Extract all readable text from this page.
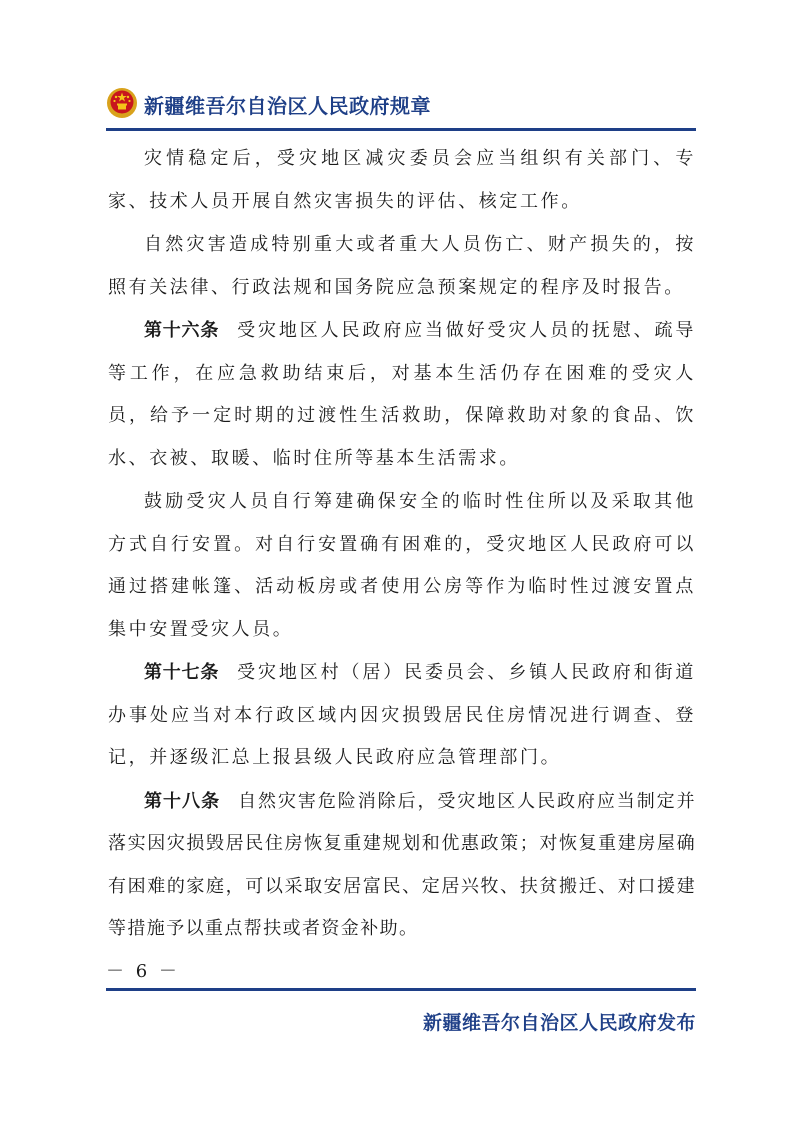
新疆维吾尔自治区人民政府规章

灾情稳定后，受灾地区减灾委员会应当组织有关部门、专家、技术人员开展自然灾害损失的评估、核定工作。

自然灾害造成特别重大或者重大人员伤亡、财产损失的，按照有关法律、行政法规和国务院应急预案规定的程序及时报告。

第十六条 受灾地区人民政府应当做好受灾人员的抚慰、疏导等工作，在应急救助结束后，对基本生活仍存在困难的受灾人员，给予一定时期的过渡性生活救助，保障救助对象的食品、饮水、衣被、取暖、临时住所等基本生活需求。

鼓励受灾人员自行筹建确保安全的临时性住所以及采取其他方式自行安置。对自行安置确有困难的，受灾地区人民政府可以通过搭建帐篷、活动板房或者使用公房等作为临时性过渡安置点集中安置受灾人员。

第十七条 受灾地区村（居）民委员会、乡镇人民政府和街道办事处应当对本行政区域内因灾损毁居民住房情况进行调查、登记，并逐级汇总上报县级人民政府应急管理部门。

第十八条 自然灾害危险消除后，受灾地区人民政府应当制定并落实因灾损毁居民住房恢复重建规划和优惠政策；对恢复重建房屋确有困难的家庭，可以采取安居富民、定居兴牧、扶贫搬迁、对口援建等措施予以重点帮扶或者资金补助。

－ 6 －
新疆维吾尔自治区人民政府发布
